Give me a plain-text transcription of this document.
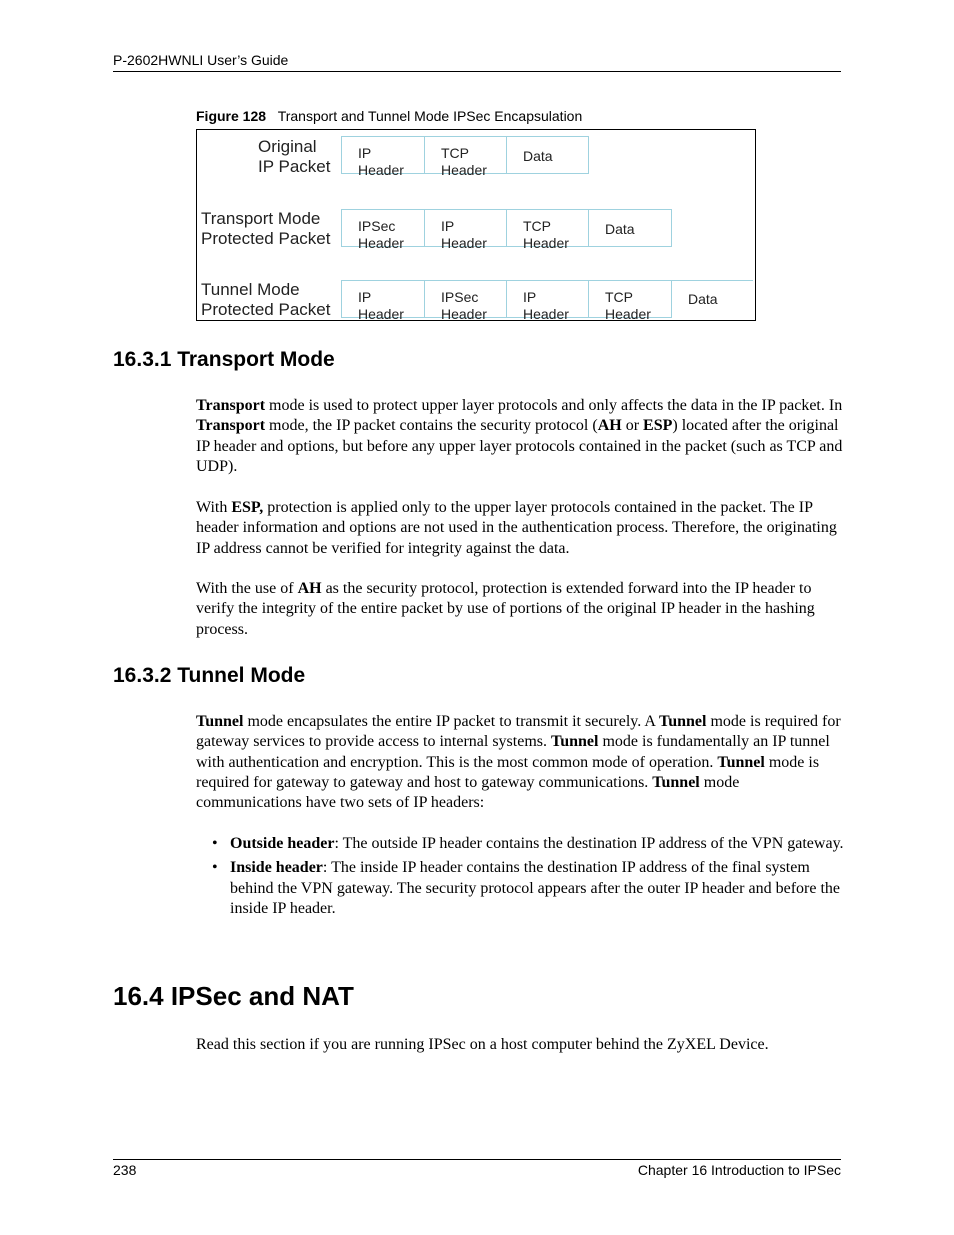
P-2602HWNLI User’s Guide
Figure 128 Transport and Tunnel Mode IPSec Encapsulation
Original
IP Packet
IP
Header
TCP
Header
Data
Transport Mode
Protected Packet
IPSec
Header
IP
Header
TCP
Header
Data
Tunnel Mode
Protected Packet
IP
Header
IPSec
Header
IP
Header
TCP
Header
Data
16.3.1 Transport Mode

Transport mode is used to protect upper layer protocols and only affects the data in the IP packet. In Transport mode, the IP packet contains the security protocol (AH or ESP) located after the original IP header and options, but before any upper layer protocols contained in the packet (such as TCP and UDP).

With ESP, protection is applied only to the upper layer protocols contained in the packet. The IP header information and options are not used in the authentication process. Therefore, the originating IP address cannot be verified for integrity against the data.

With the use of AH as the security protocol, protection is extended forward into the IP header to verify the integrity of the entire packet by use of portions of the original IP header in the hashing process.

16.3.2 Tunnel Mode

Tunnel mode encapsulates the entire IP packet to transmit it securely. A Tunnel mode is required for gateway services to provide access to internal systems. Tunnel mode is fundamentally an IP tunnel with authentication and encryption. This is the most common mode of operation. Tunnel mode is required for gateway to gateway and host to gateway communications. Tunnel mode communications have two sets of IP headers:

• Outside header: The outside IP header contains the destination IP address of the VPN gateway.
• Inside header: The inside IP header contains the destination IP address of the final system behind the VPN gateway. The security protocol appears after the outer IP header and before the inside IP header.
16.4 IPSec and NAT

Read this section if you are running IPSec on a host computer behind the ZyXEL Device.

238	Chapter 16 Introduction to IPSec
